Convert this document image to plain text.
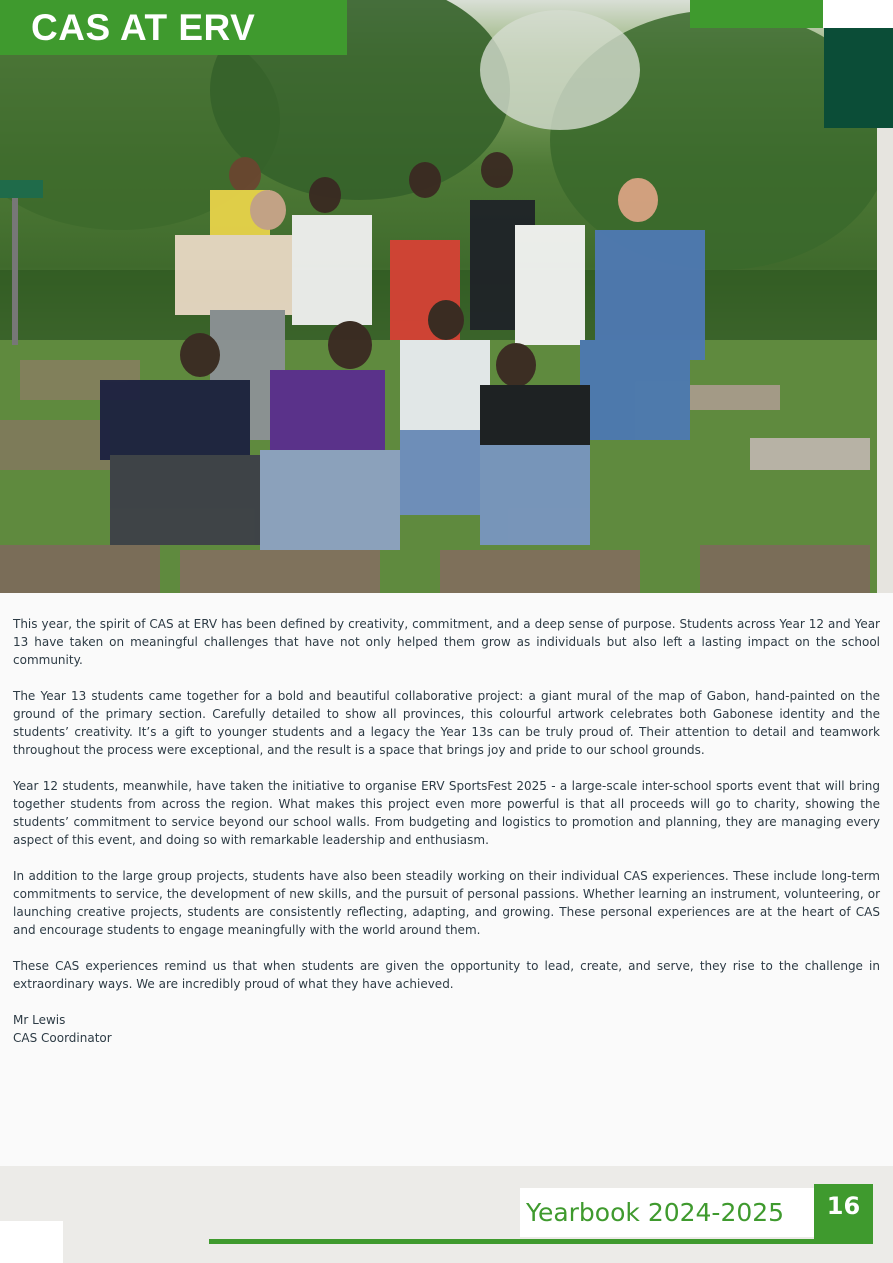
CAS AT ERV

This year, the spirit of CAS at ERV has been defined by creativity, commitment, and a deep sense of purpose. Students across Year 12 and Year 13 have taken on meaningful challenges that have not only helped them grow as individuals but also left a lasting impact on the school community.

The Year 13 students came together for a bold and beautiful collaborative project: a giant mural of the map of Gabon, hand-painted on the ground of the primary section. Carefully detailed to show all provinces, this colourful artwork celebrates both Gabonese identity and the students’ creativity. It’s a gift to younger students and a legacy the Year 13s can be truly proud of. Their attention to detail and teamwork throughout the process were exceptional, and the result is a space that brings joy and pride to our school grounds.

Year 12 students, meanwhile, have taken the initiative to organise ERV SportsFest 2025 - a large-scale inter-school sports event that will bring together students from across the region. What makes this project even more powerful is that all proceeds will go to charity, showing the students’ commitment to service beyond our school walls. From budgeting and logistics to promotion and planning, they are managing every aspect of this event, and doing so with remarkable leadership and enthusiasm.

In addition to the large group projects, students have also been steadily working on their individual CAS experiences. These include long-term commitments to service, the development of new skills, and the pursuit of personal passions. Whether learning an instrument, volunteering, or launching creative projects, students are consistently reflecting, adapting, and growing. These personal experiences are at the heart of CAS and encourage students to engage meaningfully with the world around them.

These CAS experiences remind us that when students are given the opportunity to lead, create, and serve, they rise to the challenge in extraordinary ways. We are incredibly proud of what they have achieved.

Mr Lewis
CAS Coordinator
Yearbook 2024-2025	16
